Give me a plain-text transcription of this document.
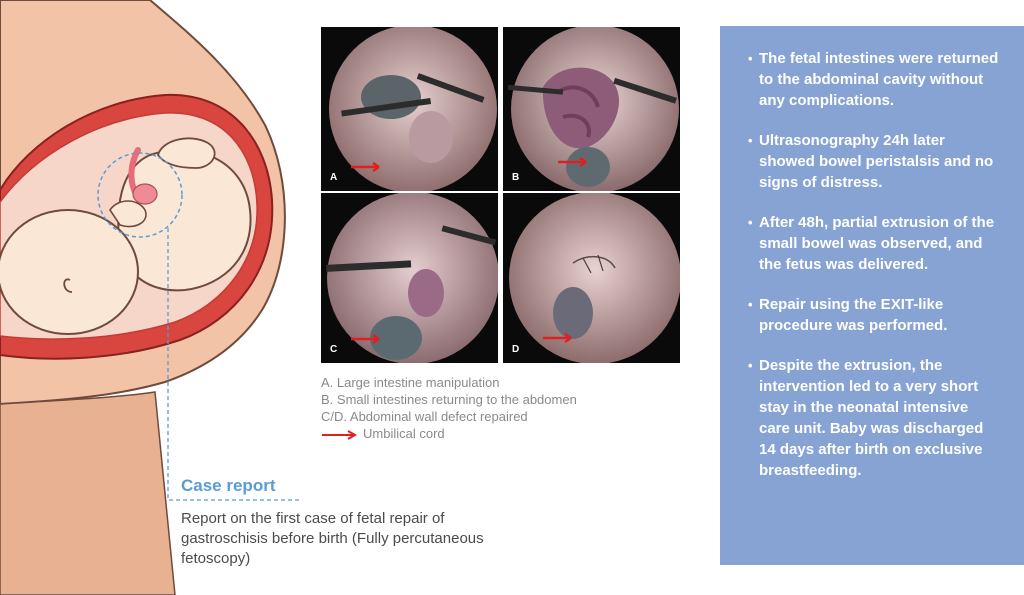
A	B
C	D
A. Large intestine manipulation
B. Small intestines returning to the abdomen
C/D. Abdominal wall defect repaired
Umbilical cord
Case report
Report on the first case of fetal repair of gastroschisis before birth (Fully percutaneous fetoscopy)
• The fetal intestines were returned to the abdominal cavity without any complications.
• Ultrasonography 24h later showed bowel peristalsis and no signs of distress.
• After 48h, partial extrusion of the small bowel was observed, and the fetus was delivered.
• Repair using the EXIT-like procedure was performed.
• Despite the extrusion, the intervention led to a very short stay in the neonatal intensive care unit. Baby was discharged 14 days after birth on exclusive breastfeeding.
